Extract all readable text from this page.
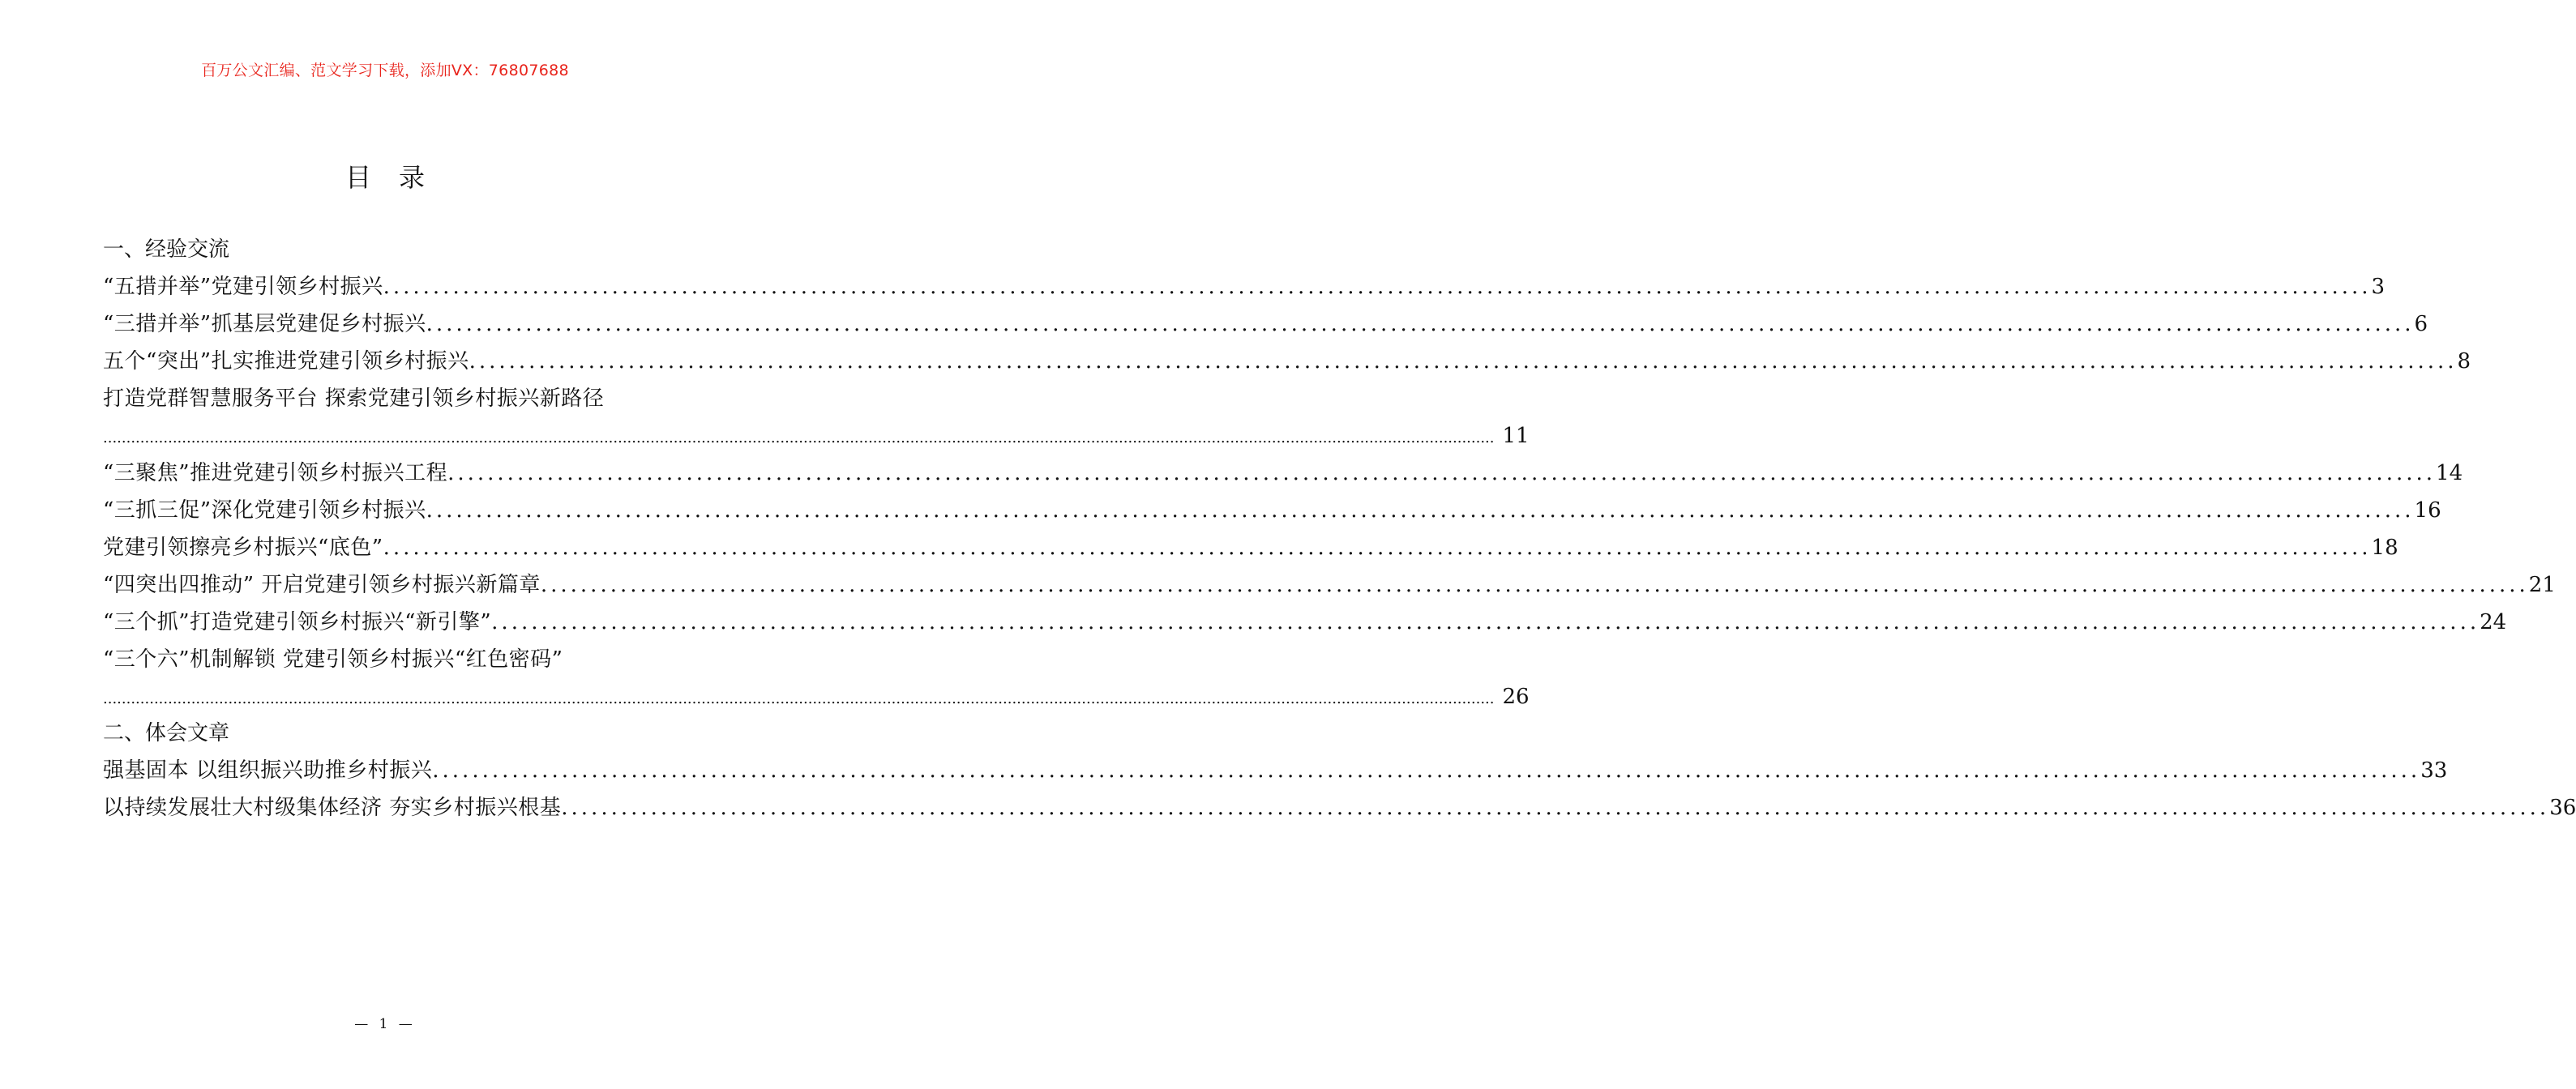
百万公文汇编、范文学习下载，添加VX：76807688
目录
一、经验交流
“五措并举”党建引领乡村振兴 ........................................................................................................................................................................................................ 3
“三措并举”抓基层党建促乡村振兴 ........................................................................................................................................................................................................ 6
五个“突出”扎实推进党建引领乡村振兴 ........................................................................................................................................................................................................ 8
打造党群智慧服务平台 探索党建引领乡村振兴新路径
............................................................................................................................................................................................................................................................................................................ 11
“三聚焦”推进党建引领乡村振兴工程 ........................................................................................................................................................................................................ 14
“三抓三促”深化党建引领乡村振兴 ........................................................................................................................................................................................................ 16
党建引领擦亮乡村振兴“底色” ........................................................................................................................................................................................................ 18
“四突出四推动” 开启党建引领乡村振兴新篇章 ........................................................................................................................................................................................................ 21
“三个抓”打造党建引领乡村振兴“新引擎” ........................................................................................................................................................................................................ 24
“三个六”机制解锁 党建引领乡村振兴“红色密码”
............................................................................................................................................................................................................................................................................................................ 26
二、体会文章
强基固本 以组织振兴助推乡村振兴 ........................................................................................................................................................................................................ 33
以持续发展壮大村级集体经济 夯实乡村振兴根基 ........................................................................................................................................................................................................ 36
— 1 —
